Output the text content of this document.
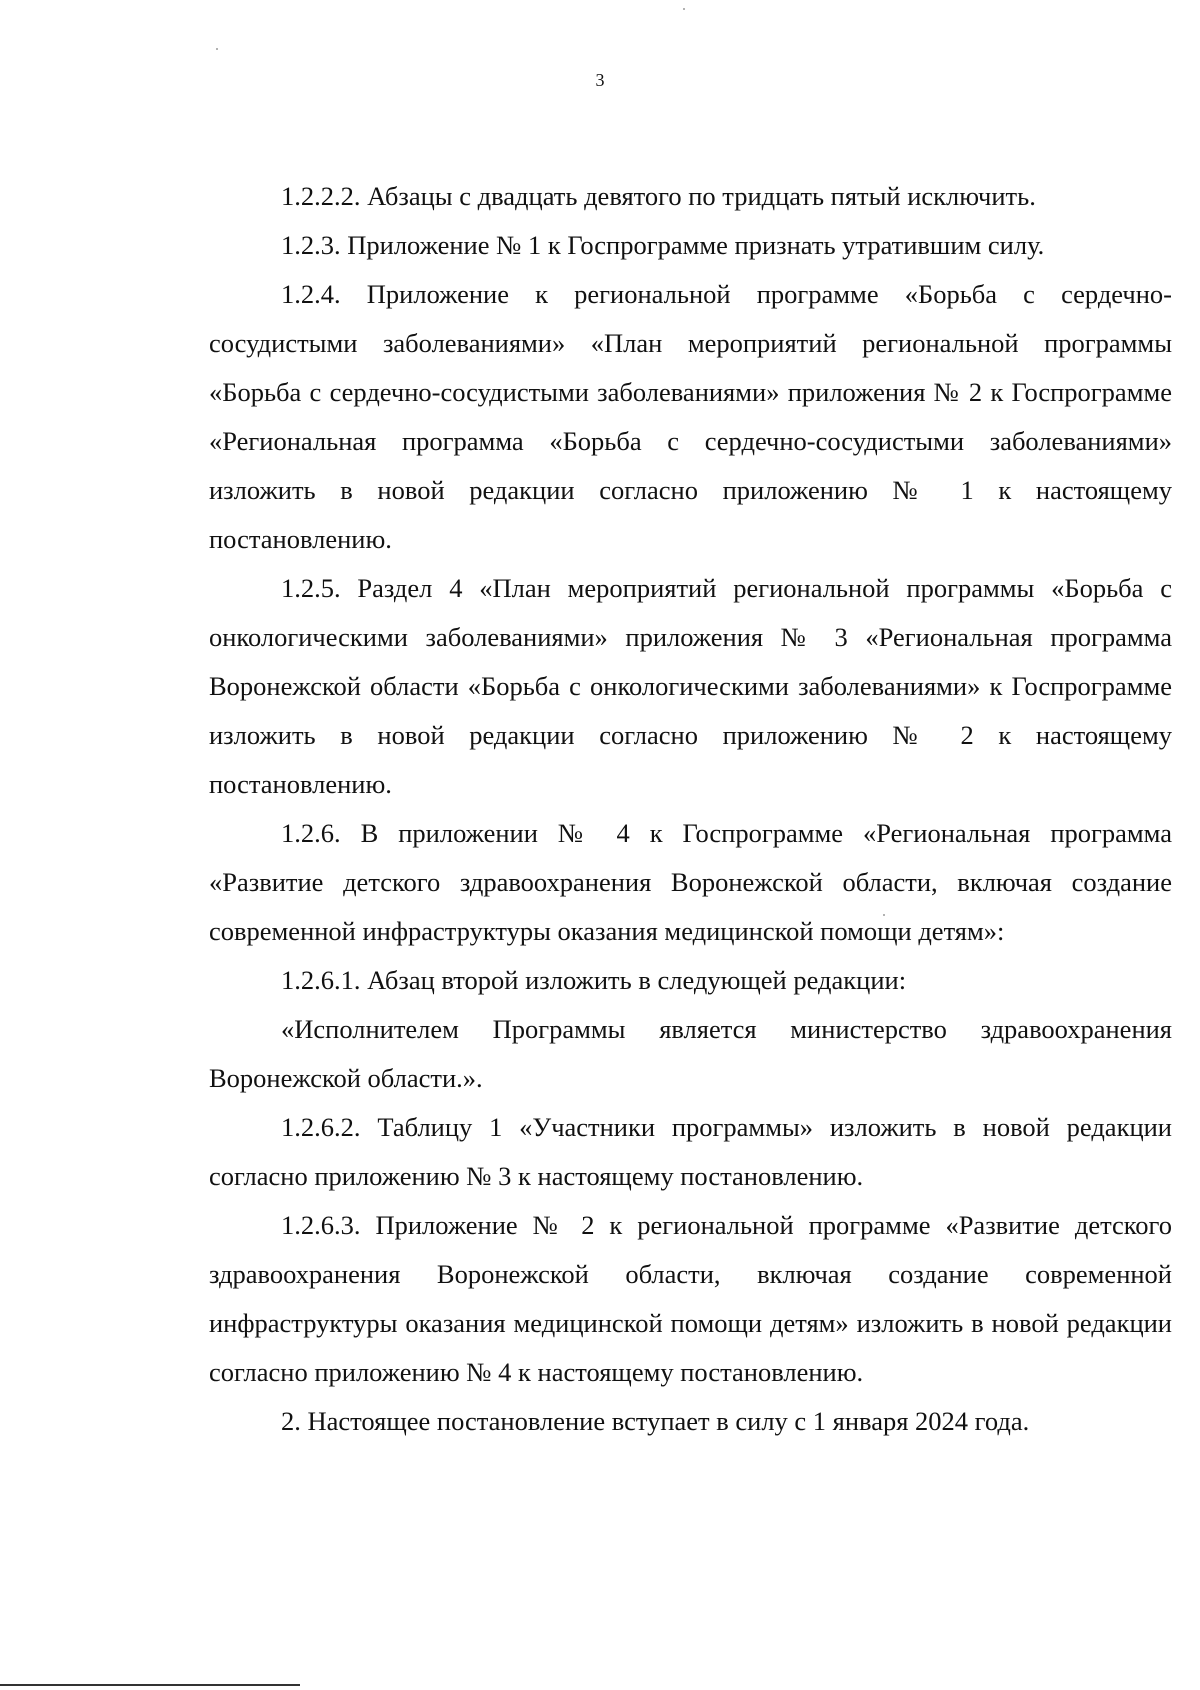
3

1.2.2.2. Абзацы с двадцать девятого по тридцать пятый исключить.

1.2.3. Приложение № 1 к Госпрограмме признать утратившим силу.

1.2.4. Приложение к региональной программе «Борьба с сердечно-сосудистыми заболеваниями» «План мероприятий региональной программы «Борьба с сердечно-сосудистыми заболеваниями» приложения № 2 к Госпрограмме «Региональная программа «Борьба с сердечно-сосудистыми заболеваниями» изложить в новой редакции согласно приложению № 1 к настоящему постановлению.

1.2.5. Раздел 4 «План мероприятий региональной программы «Борьба с онкологическими заболеваниями» приложения № 3 «Региональная программа Воронежской области «Борьба с онкологическими заболеваниями» к Госпрограмме изложить в новой редакции согласно приложению № 2 к настоящему постановлению.

1.2.6. В приложении № 4 к Госпрограмме «Региональная программа «Развитие детского здравоохранения Воронежской области, включая создание современной инфраструктуры оказания медицинской помощи детям»:

1.2.6.1. Абзац второй изложить в следующей редакции:

«Исполнителем Программы является министерство здравоохранения Воронежской области.».

1.2.6.2. Таблицу 1 «Участники программы» изложить в новой редакции согласно приложению № 3 к настоящему постановлению.

1.2.6.3. Приложение № 2 к региональной программе «Развитие детского здравоохранения Воронежской области, включая создание современной инфраструктуры оказания медицинской помощи детям» изложить в новой редакции согласно приложению № 4 к настоящему постановлению.

2. Настоящее постановление вступает в силу с 1 января 2024 года.
